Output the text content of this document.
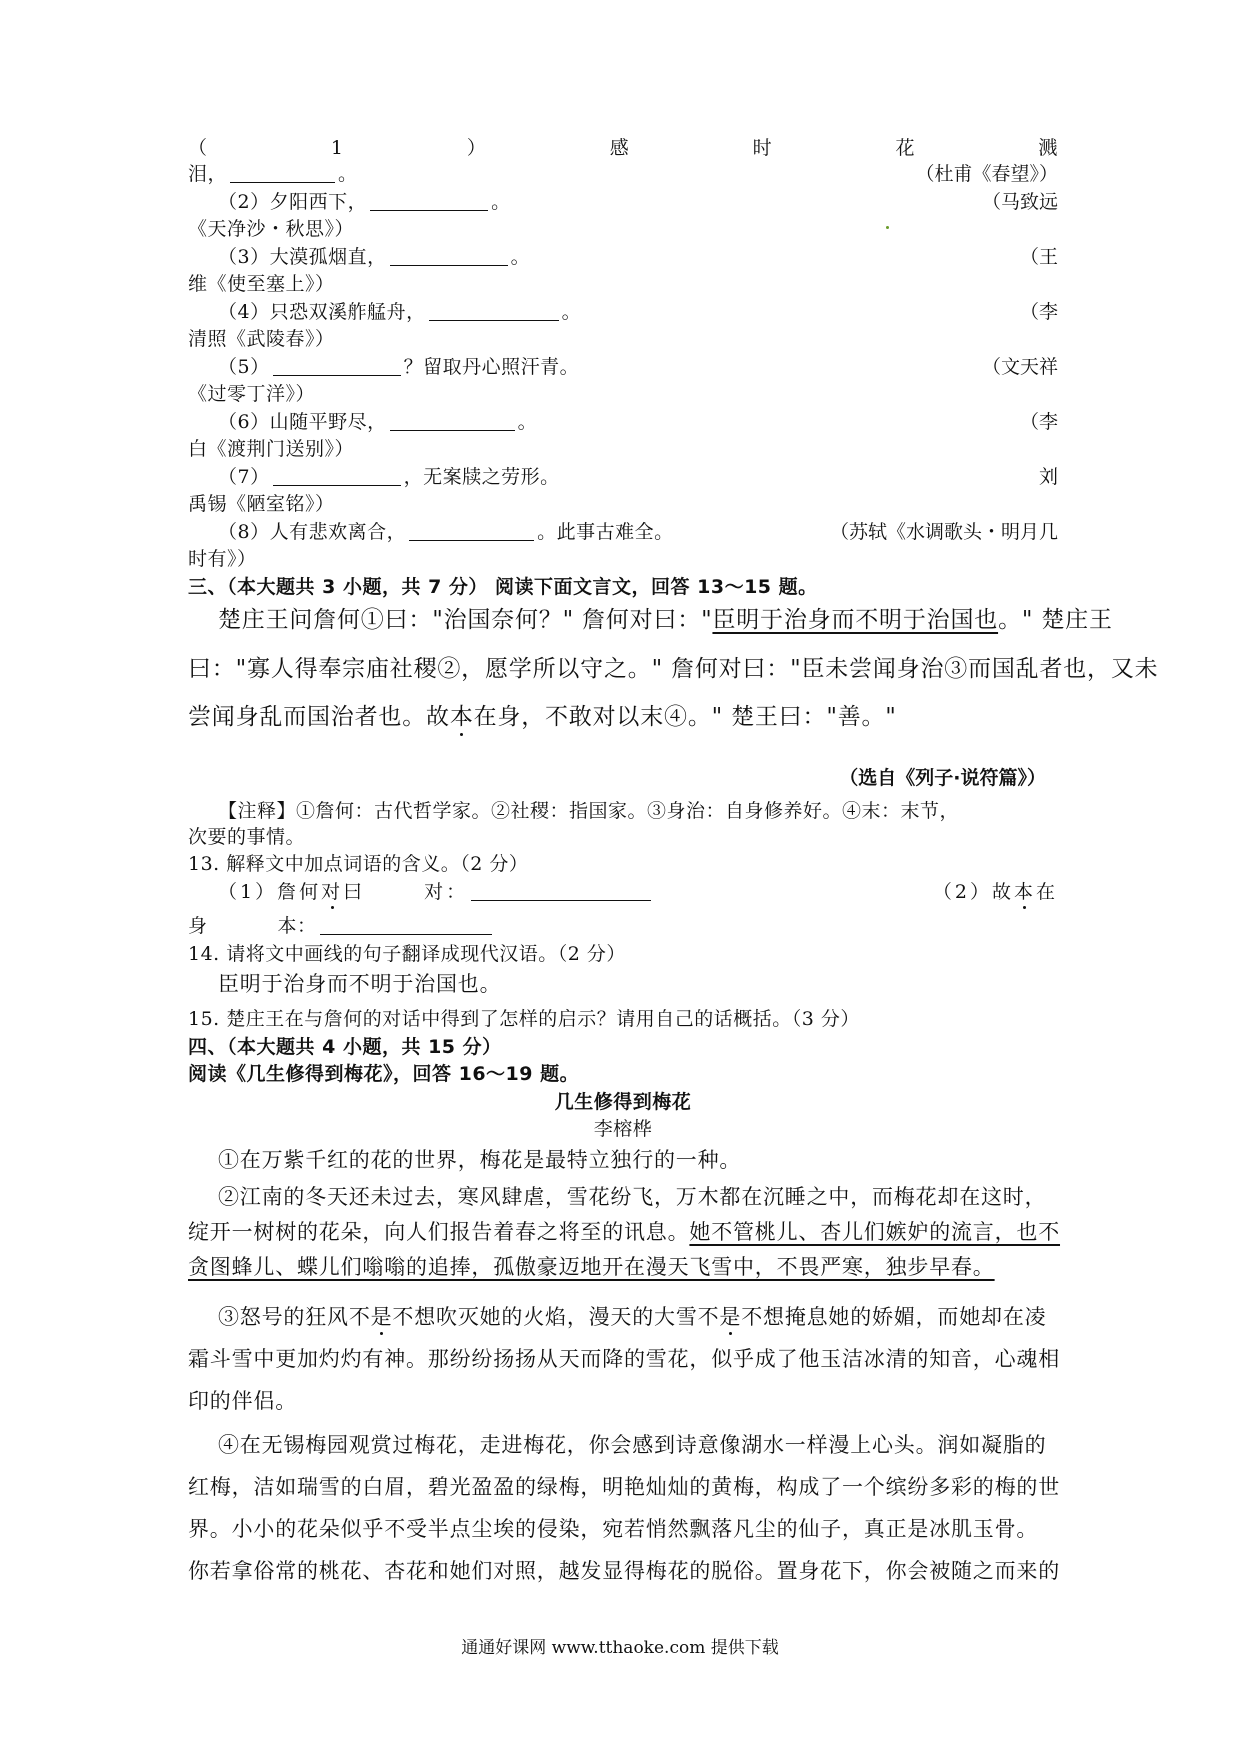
（	1	）	感	时	花	溅
泪，	。	（杜甫《春望》）
（2）夕阳西下，	。	（马致远
《天净沙・秋思》）
（3）大漠孤烟直，	。	（王
维《使至塞上》）
（4）只恐双溪舴艋舟，	。	（李
清照《武陵春》）
（5）	？留取丹心照汗青。	（文天祥
《过零丁洋》）
（6）山随平野尽，	。	（李
白《渡荆门送别》）
（7）	，无案牍之劳形。	刘
禹锡《陋室铭》）
（8）人有悲欢离合，	。此事古难全。	（苏轼《水调歌头・明月几
时有》）
三、（本大题共 3 小题，共 7 分） 阅读下面文言文，回答 13～15 题。
楚庄王问詹何①曰："治国奈何？" 詹何对曰："臣明于治身而不明于治国也。" 楚庄王
曰："寡人得奉宗庙社稷②，愿学所以守之。" 詹何对曰："臣未尝闻身治③而国乱者也，又未
尝闻身乱而国治者也。故本在身，不敢对以末④。" 楚王曰："善。"
（选自《列子·说符篇》）
【注释】①詹何：古代哲学家。②社稷：指国家。③身治：自身修养好。④末：末节，
次要的事情。
13. 解释文中加点词语的含义。（2 分）
（1）詹何对曰	对：	（2）故本在
身	本：
14. 请将文中画线的句子翻译成现代汉语。（2 分）
臣明于治身而不明于治国也。
15. 楚庄王在与詹何的对话中得到了怎样的启示？请用自己的话概括。（3 分）
四、（本大题共 4 小题，共 15 分）
阅读《几生修得到梅花》，回答 16～19 题。
几生修得到梅花
李榕桦
①在万紫千红的花的世界，梅花是最特立独行的一种。
②江南的冬天还未过去，寒风肆虐，雪花纷飞，万木都在沉睡之中，而梅花却在这时，
绽开一树树的花朵，向人们报告着春之将至的讯息。她不管桃儿、杏儿们嫉妒的流言，也不
贪图蜂儿、蝶儿们嗡嗡的追捧，孤傲豪迈地开在漫天飞雪中，不畏严寒，独步早春。
③怒号的狂风不是不想吹灭她的火焰，漫天的大雪不是不想掩息她的娇媚，而她却在凌
霜斗雪中更加灼灼有神。那纷纷扬扬从天而降的雪花，似乎成了他玉洁冰清的知音，心魂相
印的伴侣。
④在无锡梅园观赏过梅花，走进梅花，你会感到诗意像湖水一样漫上心头。润如凝脂的
红梅，洁如瑞雪的白眉，碧光盈盈的绿梅，明艳灿灿的黄梅，构成了一个缤纷多彩的梅的世
界。小小的花朵似乎不受半点尘埃的侵染，宛若悄然飘落凡尘的仙子，真正是冰肌玉骨。
你若拿俗常的桃花、杏花和她们对照，越发显得梅花的脱俗。置身花下，你会被随之而来的
通通好课网 www.tthaoke.com 提供下载
